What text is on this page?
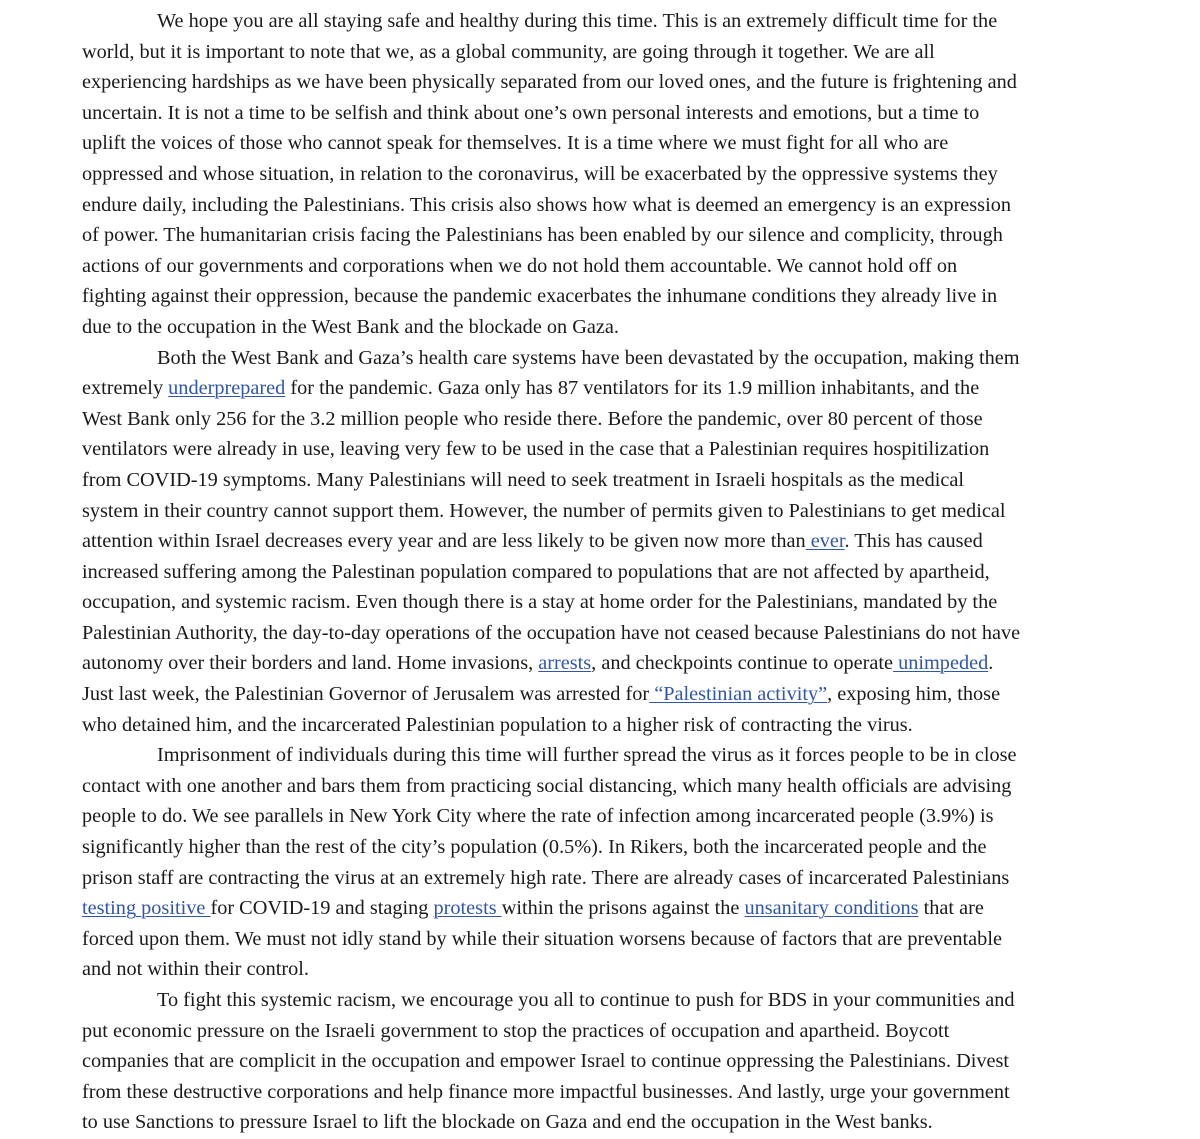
We hope you are all staying safe and healthy during this time. This is an extremely difficult time for the
world, but it is important to note that we, as a global community, are going through it together. We are all
experiencing hardships as we have been physically separated from our loved ones, and the future is frightening and
uncertain. It is not a time to be selfish and think about one’s own personal interests and emotions, but a time to
uplift the voices of those who cannot speak for themselves. It is a time where we must fight for all who are
oppressed and whose situation, in relation to the coronavirus, will be exacerbated by the oppressive systems they
endure daily, including the Palestinians. This crisis also shows how what is deemed an emergency is an expression
of power. The humanitarian crisis facing the Palestinians has been enabled by our silence and complicity, through
actions of our governments and corporations when we do not hold them accountable. We cannot hold off on
fighting against their oppression, because the pandemic exacerbates the inhumane conditions they already live in
due to the occupation in the West Bank and the blockade on Gaza.
Both the West Bank and Gaza’s health care systems have been devastated by the occupation, making them
extremely underprepared for the pandemic. Gaza only has 87 ventilators for its 1.9 million inhabitants, and the
West Bank only 256 for the 3.2 million people who reside there. Before the pandemic, over 80 percent of those
ventilators were already in use, leaving very few to be used in the case that a Palestinian requires hospitilization
from COVID-19 symptoms. Many Palestinians will need to seek treatment in Israeli hospitals as the medical
system in their country cannot support them. However, the number of permits given to Palestinians to get medical
attention within Israel decreases every year and are less likely to be given now more than ever. This has caused
increased suffering among the Palestinan population compared to populations that are not affected by apartheid,
occupation, and systemic racism. Even though there is a stay at home order for the Palestinians, mandated by the
Palestinian Authority, the day-to-day operations of the occupation have not ceased because Palestinians do not have
autonomy over their borders and land. Home invasions, arrests, and checkpoints continue to operate unimpeded.
Just last week, the Palestinian Governor of Jerusalem was arrested for “Palestinian activity”, exposing him, those
who detained him, and the incarcerated Palestinian population to a higher risk of contracting the virus.
Imprisonment of individuals during this time will further spread the virus as it forces people to be in close
contact with one another and bars them from practicing social distancing, which many health officials are advising
people to do. We see parallels in New York City where the rate of infection among incarcerated people (3.9%) is
significantly higher than the rest of the city’s population (0.5%). In Rikers, both the incarcerated people and the
prison staff are contracting the virus at an extremely high rate. There are already cases of incarcerated Palestinians
testing positive for COVID-19 and staging protests within the prisons against the unsanitary conditions that are
forced upon them. We must not idly stand by while their situation worsens because of factors that are preventable
and not within their control.
To fight this systemic racism, we encourage you all to continue to push for BDS in your communities and
put economic pressure on the Israeli government to stop the practices of occupation and apartheid. Boycott
companies that are complicit in the occupation and empower Israel to continue oppressing the Palestinians. Divest
from these destructive corporations and help finance more impactful businesses. And lastly, urge your government
to use Sanctions to pressure Israel to lift the blockade on Gaza and end the occupation in the West banks.
